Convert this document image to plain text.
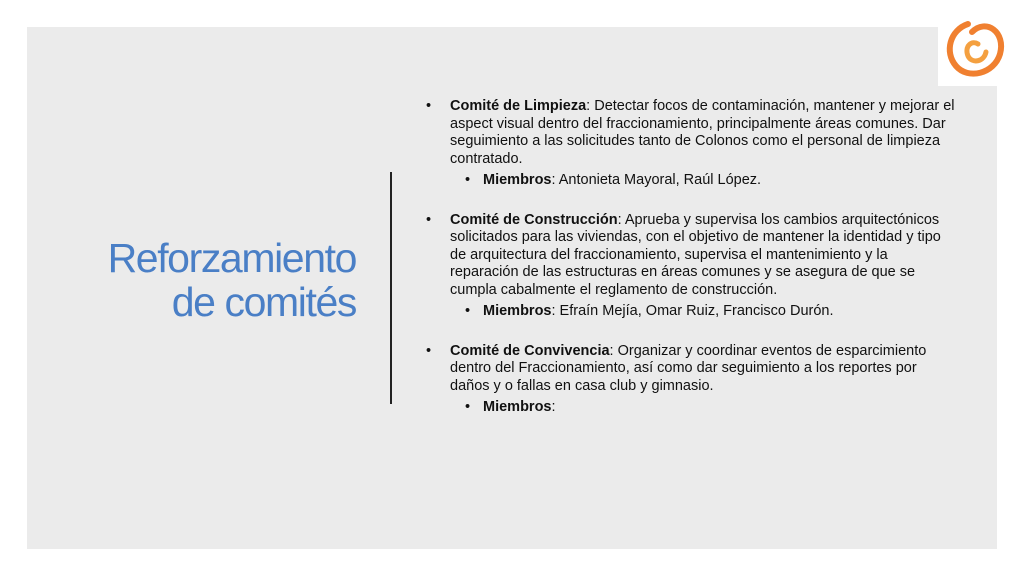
Reforzamiento
de comités
•	Comité de Limpieza: Detectar focos de contaminación, mantener y mejorar el aspect visual dentro del fraccionamiento, principalmente áreas comunes. Dar seguimiento a las solicitudes tanto de Colonos como el personal de limpieza contratado.
• Miembros: Antonieta Mayoral, Raúl López.
•	Comité de Construcción: Aprueba y supervisa los cambios arquitectónicos solicitados para las viviendas, con el objetivo de mantener la identidad y tipo de arquitectura del fraccionamiento, supervisa el mantenimiento y la reparación de las estructuras en áreas comunes y se asegura de que se cumpla cabalmente el reglamento de construcción.
• Miembros: Efraín Mejía, Omar Ruiz, Francisco Durón.
•	Comité de Convivencia: Organizar y coordinar eventos de esparcimiento dentro del Fraccionamiento, así como dar seguimiento a los reportes por daños y o fallas en casa club y gimnasio.
• Miembros:
